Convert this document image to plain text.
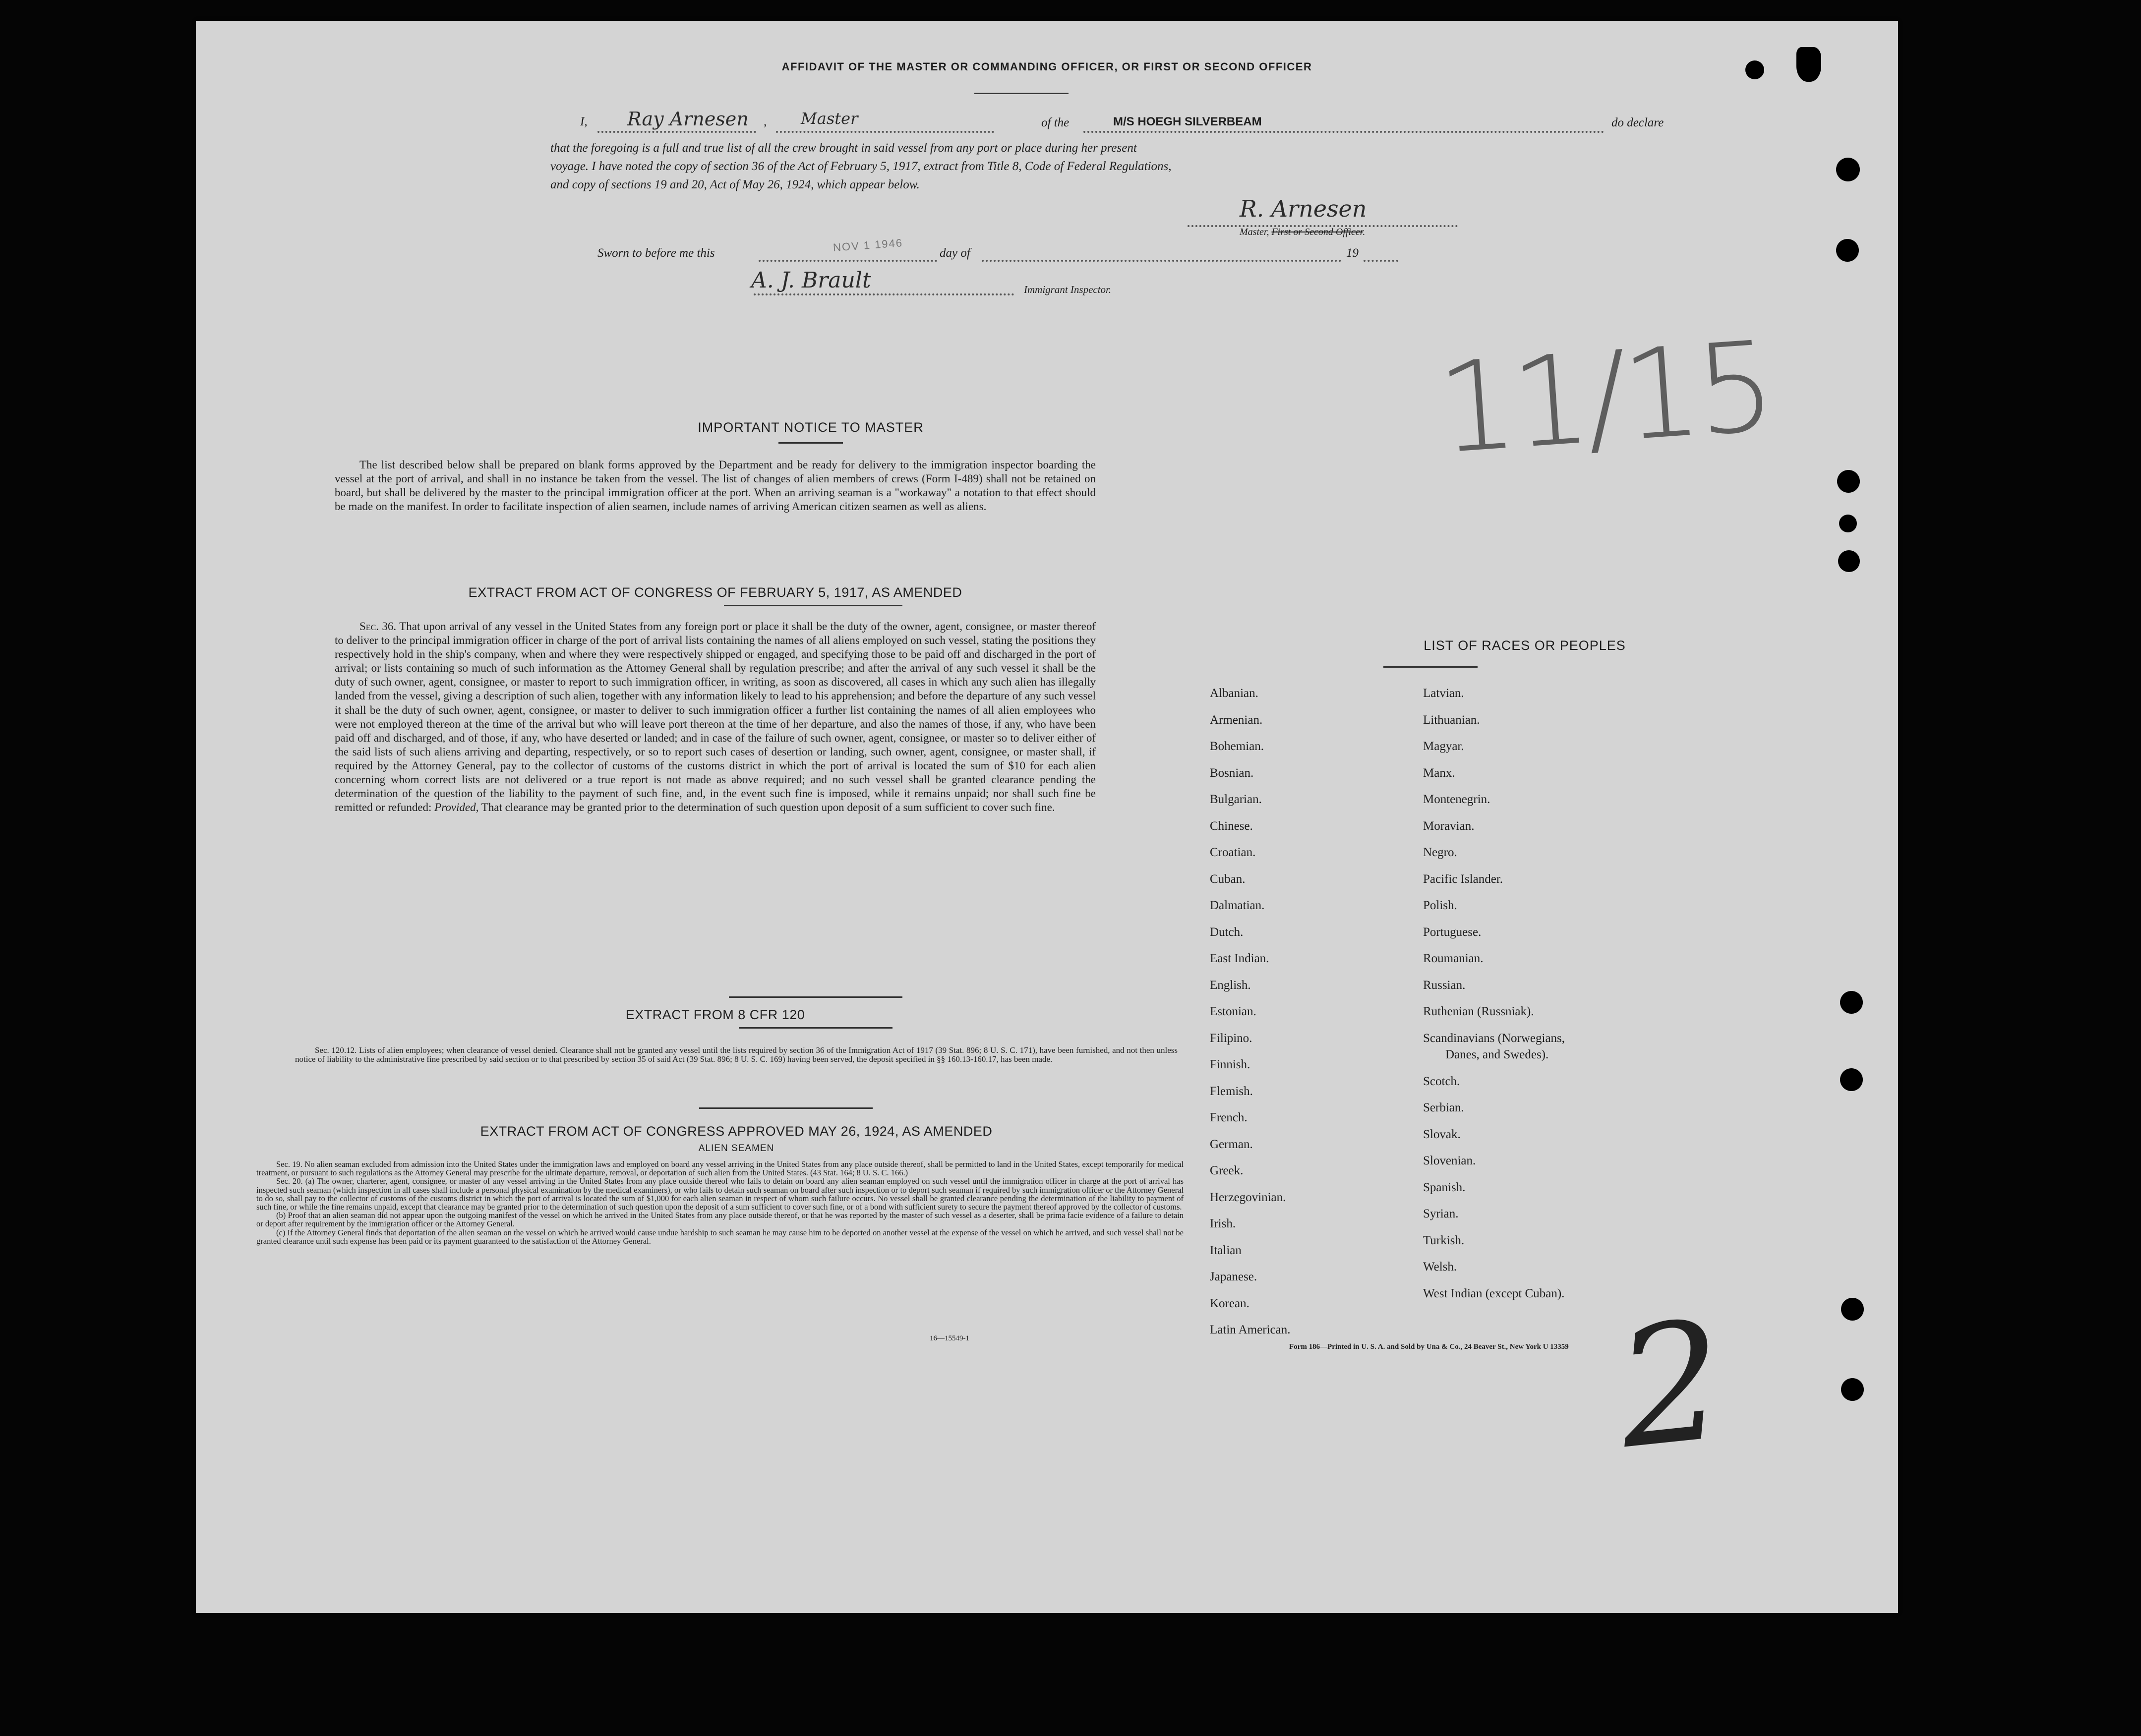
AFFIDAVIT OF THE MASTER OR COMMANDING OFFICER, OR FIRST OR SECOND OFFICER
I, Ray Arnesen , Master	of the	M/S HOEGH SILVERBEAM	do declare

that the foregoing is a full and true list of all the crew brought in said vessel from any port or place during her present

voyage. I have noted the copy of section 36 of the Act of February 5, 1917, extract from Title 8, Code of Federal Regulations,

and copy of sections 19 and 20, Act of May 26, 1924, which appear below.

R. Arnesen
Master, First or Second Officer.
Sworn to before me this	NOV 1 1946	day of	19
A. J. Brault	Immigrant Inspector.
IMPORTANT NOTICE TO MASTER
The list described below shall be prepared on blank forms approved by the Department and be ready for delivery to the immigration inspector boarding the vessel at the port of arrival, and shall in no instance be taken from the vessel. The list of changes of alien members of crews (Form I-489) shall not be retained on board, but shall be delivered by the master to the principal immigration officer at the port. When an arriving seaman is a "workaway" a notation to that effect should be made on the manifest. In order to facilitate inspection of alien seamen, include names of arriving American citizen seamen as well as aliens.
EXTRACT FROM ACT OF CONGRESS OF FEBRUARY 5, 1917, AS AMENDED
Sec. 36. That upon arrival of any vessel in the United States from any foreign port or place it shall be the duty of the owner, agent, consignee, or master thereof to deliver to the principal immigration officer in charge of the port of arrival lists containing the names of all aliens employed on such vessel, stating the positions they respectively hold in the ship's company, when and where they were respectively shipped or engaged, and specifying those to be paid off and discharged in the port of arrival; or lists containing so much of such information as the Attorney General shall by regulation prescribe; and after the arrival of any such vessel it shall be the duty of such owner, agent, consignee, or master to report to such immigration officer, in writing, as soon as discovered, all cases in which any such alien has illegally landed from the vessel, giving a description of such alien, together with any information likely to lead to his apprehension; and before the departure of any such vessel it shall be the duty of such owner, agent, consignee, or master to deliver to such immigration officer a further list containing the names of all alien employees who were not employed thereon at the time of the arrival but who will leave port thereon at the time of her departure, and also the names of those, if any, who have been paid off and discharged, and of those, if any, who have deserted or landed; and in case of the failure of such owner, agent, consignee, or master so to deliver either of the said lists of such aliens arriving and departing, respectively, or so to report such cases of desertion or landing, such owner, agent, consignee, or master shall, if required by the Attorney General, pay to the collector of customs of the customs district in which the port of arrival is located the sum of $10 for each alien concerning whom correct lists are not delivered or a true report is not made as above required; and no such vessel shall be granted clearance pending the determination of the question of the liability to the payment of such fine, and, in the event such fine is imposed, while it remains unpaid; nor shall such fine be remitted or refunded: Provided, That clearance may be granted prior to the determination of such question upon deposit of a sum sufficient to cover such fine.
EXTRACT FROM 8 CFR 120
Sec. 120.12. Lists of alien employees; when clearance of vessel denied. Clearance shall not be granted any vessel until the lists required by section 36 of the Immigration Act of 1917 (39 Stat. 896; 8 U. S. C. 171), have been furnished, and not then unless notice of liability to the administrative fine prescribed by said section or to that prescribed by section 35 of said Act (39 Stat. 896; 8 U. S. C. 169) having been served, the deposit specified in §§ 160.13-160.17, has been made.
EXTRACT FROM ACT OF CONGRESS APPROVED MAY 26, 1924, AS AMENDED
ALIEN SEAMEN

Sec. 19. No alien seaman excluded from admission into the United States under the immigration laws and employed on board any vessel arriving in the United States from any place outside thereof, shall be permitted to land in the United States, except temporarily for medical treatment, or pursuant to such regulations as the Attorney General may prescribe for the ultimate departure, removal, or deportation of such alien from the United States. (43 Stat. 164; 8 U. S. C. 166.)

Sec. 20. (a) The owner, charterer, agent, consignee, or master of any vessel arriving in the United States from any place outside thereof who fails to detain on board any alien seaman employed on such vessel until the immigration officer in charge at the port of arrival has inspected such seaman (which inspection in all cases shall include a personal physical examination by the medical examiners), or who fails to detain such seaman on board after such inspection or to deport such seaman if required by such immigration officer or the Attorney General to do so, shall pay to the collector of customs of the customs district in which the port of arrival is located the sum of $1,000 for each alien seaman in respect of whom such failure occurs. No vessel shall be granted clearance pending the determination of the liability to payment of such fine, or while the fine remains unpaid, except that clearance may be granted prior to the determination of such question upon the deposit of a sum sufficient to cover such fine, or of a bond with sufficient surety to secure the payment thereof approved by the collector of customs.

(b) Proof that an alien seaman did not appear upon the outgoing manifest of the vessel on which he arrived in the United States from any place outside thereof, or that he was reported by the master of such vessel as a deserter, shall be prima facie evidence of a failure to detain or deport after requirement by the immigration officer or the Attorney General.

(c) If the Attorney General finds that deportation of the alien seaman on the vessel on which he arrived would cause undue hardship to such seaman he may cause him to be deported on another vessel at the expense of the vessel on which he arrived, and such vessel shall not be granted clearance until such expense has been paid or its payment guaranteed to the satisfaction of the Attorney General.

16—15549-1
11/15
LIST OF RACES OR PEOPLES
Albanian.
Armenian.
Bohemian.
Bosnian.
Bulgarian.
Chinese.
Croatian.
Cuban.
Dalmatian.
Dutch.
East Indian.
English.
Estonian.
Filipino.
Finnish.
Flemish.
French.
German.
Greek.
Herzegovinian.
Irish.
Italian
Japanese.
Korean.
Latin American.
Latvian.
Lithuanian.
Magyar.
Manx.
Montenegrin.
Moravian.
Negro.
Pacific Islander.
Polish.
Portuguese.
Roumanian.
Russian.
Ruthenian (Russniak).
Scandinavians (Norwegians,
Danes, and Swedes).
Scotch.
Serbian.
Slovak.
Slovenian.
Spanish.
Syrian.
Turkish.
Welsh.
West Indian (except Cuban).
Form 186—Printed in U. S. A. and Sold by Una & Co., 24 Beaver St., New York U 13359 2
